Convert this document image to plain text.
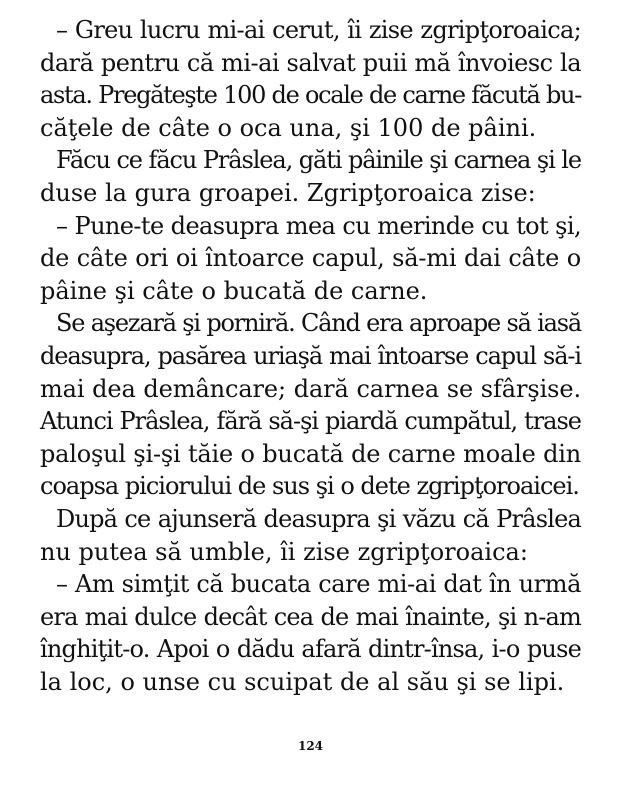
– Greu lucru mi-ai cerut, îi zise zgripţoroaica;
dară pentru că mi-ai salvat puii mă învoiesc la
asta. Pregăteşte 100 de ocale de carne făcută bu-
căţele de câte o oca una, şi 100 de pâini.
Făcu ce făcu Prâslea, găti pâinile şi carnea şi le
duse la gura groapei. Zgripţoroaica zise:
– Pune-te deasupra mea cu merinde cu tot şi,
de câte ori oi întoarce capul, să-mi dai câte o
pâine şi câte o bucată de carne.
Se aşezară şi porniră. Când era aproape să iasă
deasupra, pasărea uriaşă mai întoarse capul să-i
mai dea demâncare; dară carnea se sfârşise.
Atunci Prâslea, fără să-şi piardă cumpătul, trase
paloşul şi-şi tăie o bucată de carne moale din
coapsa piciorului de sus şi o dete zgripţoroaicei.
După ce ajunseră deasupra şi văzu că Prâslea
nu putea să umble, îi zise zgripţoroaica:
– Am simţit că bucata care mi-ai dat în urmă
era mai dulce decât cea de mai înainte, şi n-am
înghiţit-o. Apoi o dădu afară dintr-însa, i-o puse
la loc, o unse cu scuipat de al său şi se lipi.
124
